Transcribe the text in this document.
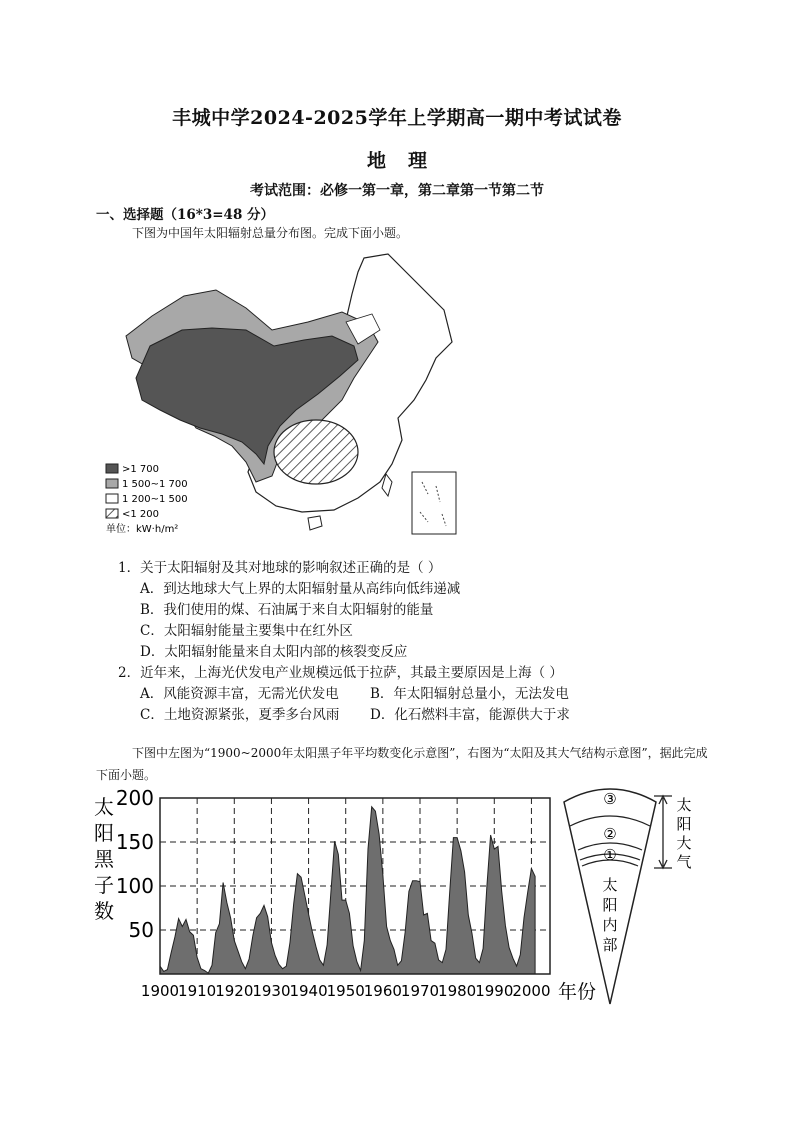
丰城中学2024-2025学年上学期高一期中考试试卷
地理
考试范围：必修一第一章，第二章第一节第二节
一、选择题（16*3=48 分）
下图为中国年太阳辐射总量分布图。完成下面小题。
>1 700
1 500~1 700
1 200~1 500
<1 200
单位：kW·h/m²
1．关于太阳辐射及其对地球的影响叙述正确的是（ ）
A．到达地球大气上界的太阳辐射量从高纬向低纬递减
B．我们使用的煤、石油属于来自太阳辐射的能量
C．太阳辐射能量主要集中在红外区
D．太阳辐射能量来自太阳内部的核裂变反应
2．近年来，上海光伏发电产业规模远低于拉萨，其最主要原因是上海（ ）
A．风能资源丰富，无需光伏发电 B．年太阳辐射总量小，无法发电
C．土地资源紧张，夏季多台风雨 D．化石燃料丰富，能源供大于求
下图中左图为“1900~2000年太阳黑子年平均数变化示意图”，右图为“太阳及其大气结构示意图”，据此完成下面小题。
太
阳
黑
子
数
50
100
150
200
1900
1910
1920
1930
1940
1950
1960
1970
1980
1990
2000 年份
③
②
①
太
阳
内
部
太
阳
大
气
